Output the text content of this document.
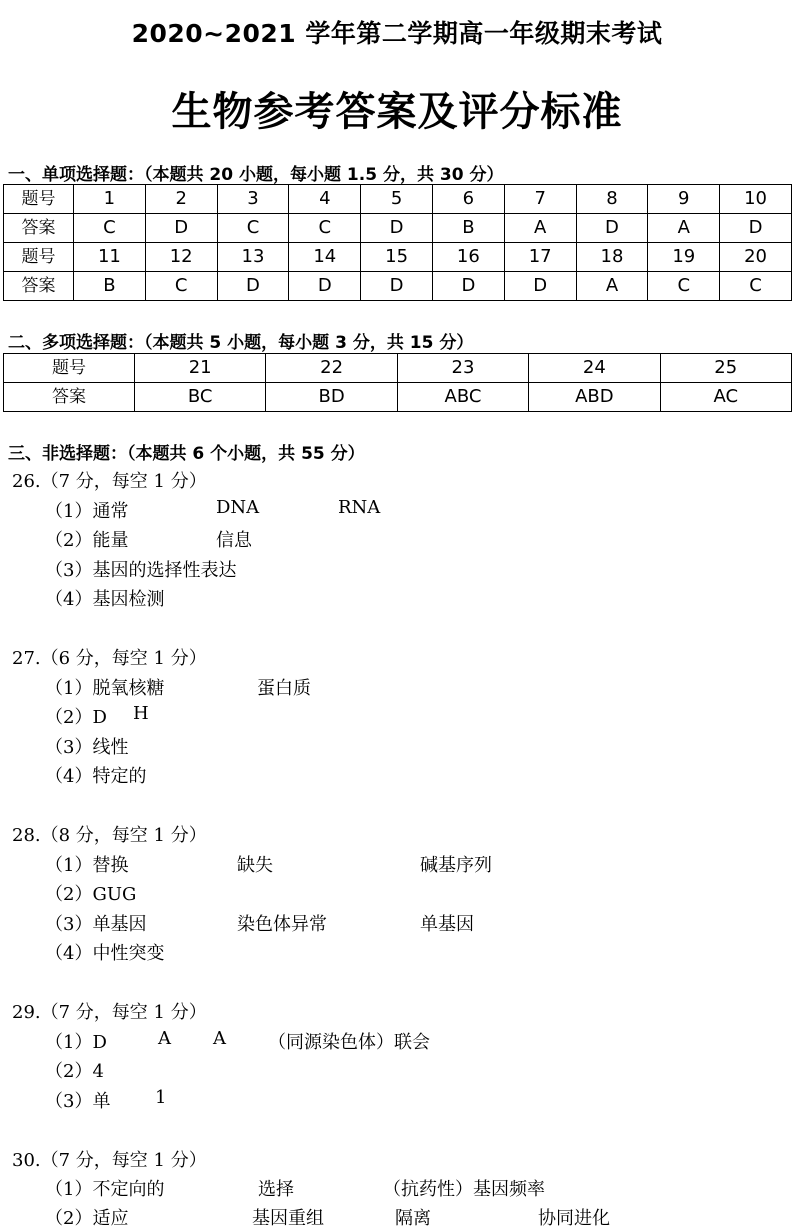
2020~2021 学年第二学期高一年级期末考试
生物参考答案及评分标准
一、单项选择题：（本题共 20 小题，每小题 1.5 分，共 30 分）
题号	1	2	3	4	5	6	7	8	9	10
答案	C	D	C	C	D	B	A	D	A	D
题号	11	12	13	14	15	16	17	18	19	20
答案	B	C	D	D	D	D	D	A	C	C
二、多项选择题：（本题共 5 小题，每小题 3 分，共 15 分）
题号	21	22	23	24	25
答案	BC	BD	ABC	ABD	AC
三、非选择题：（本题共 6 个小题，共 55 分）
26.（7 分，每空 1 分）
（1）通常	DNA	RNA
（2）能量	信息
（3）基因的选择性表达
（4）基因检测
27.（6 分，每空 1 分）
（1）脱氧核糖	蛋白质
（2）D H
（3）线性
（4）特定的
28.（8 分，每空 1 分）
（1）替换	缺失	碱基序列
（2）GUG
（3）单基因	染色体异常	单基因
（4）中性突变
29.（7 分，每空 1 分）
（1）D	A A （同源染色体）联会
（2）4
（3）单 1
30.（7 分，每空 1 分）
（1）不定向的	选择	（抗药性）基因频率
（2）适应	基因重组	隔离	协同进化
